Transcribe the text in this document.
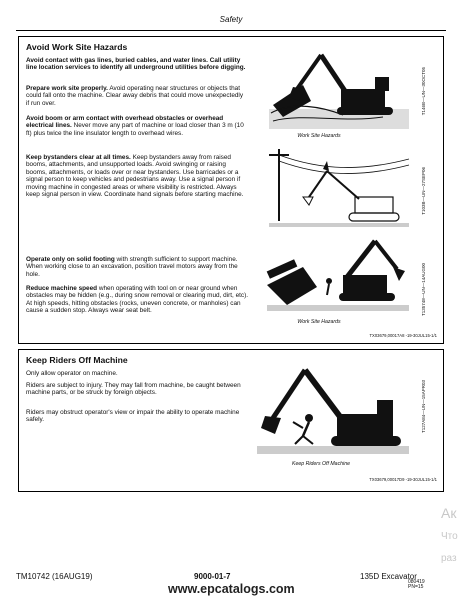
Safety
Avoid Work Site Hazards
Avoid contact with gas lines, buried cables, and water lines. Call utility line location services to identify all underground utilities before digging.
Prepare work site properly. Avoid operating near structures or objects that could fall onto the machine. Clear away debris that could move unexpectedly if run over.
Avoid boom or arm contact with overhead obstacles or overhead electrical lines. Never move any part of machine or load closer than 3 m (10 ft) plus twice the line insulator length to overhead wires.
Keep bystanders clear at all times. Keep bystanders away from raised booms, attachments, and unsupported loads. Avoid swinging or raising booms, attachments, or loads over or near bystanders. Use barricades or a signal person to keep vehicles and pedestrians away. Use a signal person if moving machine in congested areas or where visibility is restricted. Always keep signal person in view. Coordinate hand signals before starting machine.
Operate only on solid footing with strength sufficient to support machine. When working close to an excavation, position travel motors away from the hole.
Reduce machine speed when operating with tool on or near ground when obstacles may be hidden (e.g., during snow removal or clearing mud, dirt, etc). At high speeds, hitting obstacles (rocks, uneven concrete, or manholes) can cause a sudden stop. Always wear seat belt.
Work Site Hazards
Work Site Hazards
T146B—UN—30OCT05
T103B—UN—27SEP06
T135748—UN—14AUG00
TX03679,00017A8 -19-30JUL15-1/1
Keep Riders Off Machine
Only allow operator on machine.
Riders are subject to injury. They may fall from machine, be caught between machine parts, or be struck by foreign objects.
Riders may obstruct operator's view or impair the ability to operate machine safely.
Keep Riders Off Machine
T127A84—UN—15APR03
TX03679,00017D9 -19-30JUL15-1/1
TM10742 (16AUG19)	9000-01-7	135D Excavator
080419
PN=15
www.epcatalogs.com
Ак
Что
раз
